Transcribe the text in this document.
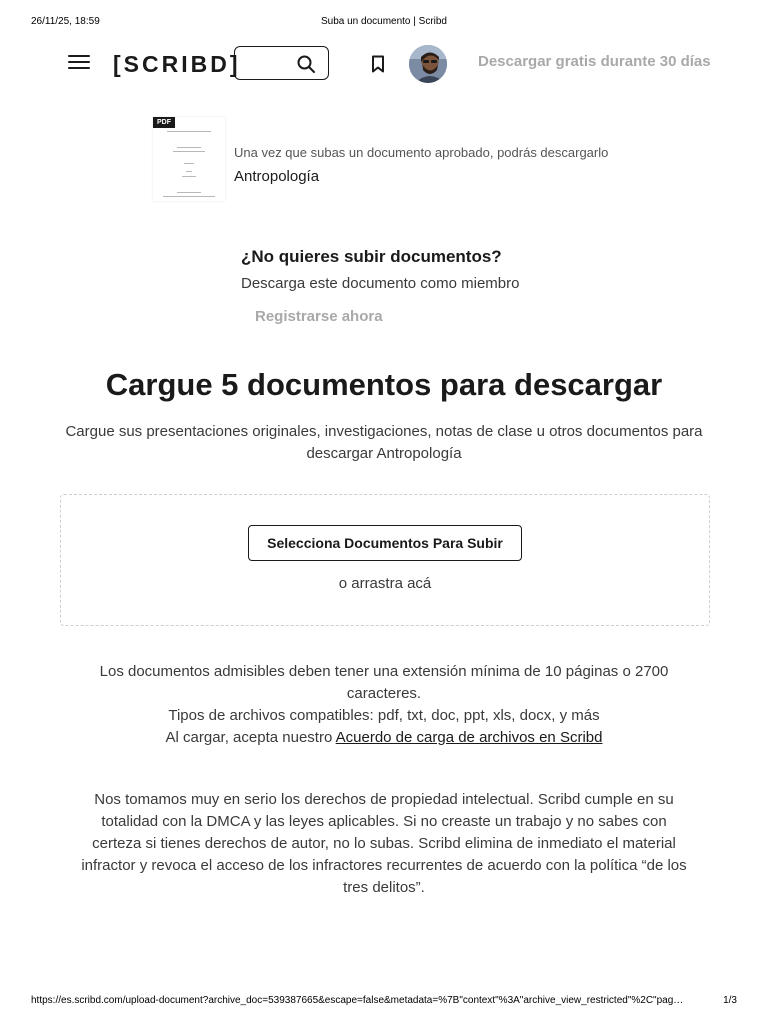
26/11/25, 18:59	Suba un documento | Scribd
[SCRIBD]	Descargar gratis durante 30 días
PDF
Una vez que subas un documento aprobado, podrás descargarlo
Antropología
¿No quieres subir documentos?
Descarga este documento como miembro
Registrarse ahora
Cargue 5 documentos para descargar

Cargue sus presentaciones originales, investigaciones, notas de clase u otros documentos para descargar Antropología

Selecciona Documentos Para Subir
o arrastra acá

Los documentos admisibles deben tener una extensión mínima de 10 páginas o 2700 caracteres.

Tipos de archivos compatibles: pdf, txt, doc, ppt, xls, docx, y más

Al cargar, acepta nuestro Acuerdo de carga de archivos en Scribd

Nos tomamos muy en serio los derechos de propiedad intelectual. Scribd cumple en su totalidad con la DMCA y las leyes aplicables. Si no creaste un trabajo y no sabes con certeza si tienes derechos de autor, no lo subas. Scribd elimina de inmediato el material infractor y revoca el acceso de los infractores recurrentes de acuerdo con la política “de los tres delitos”.

https://es.scribd.com/upload-document?archive_doc=539387665&escape=false&metadata=%7B"context"%3A"archive_view_restricted"%2C"pag…	1/3
